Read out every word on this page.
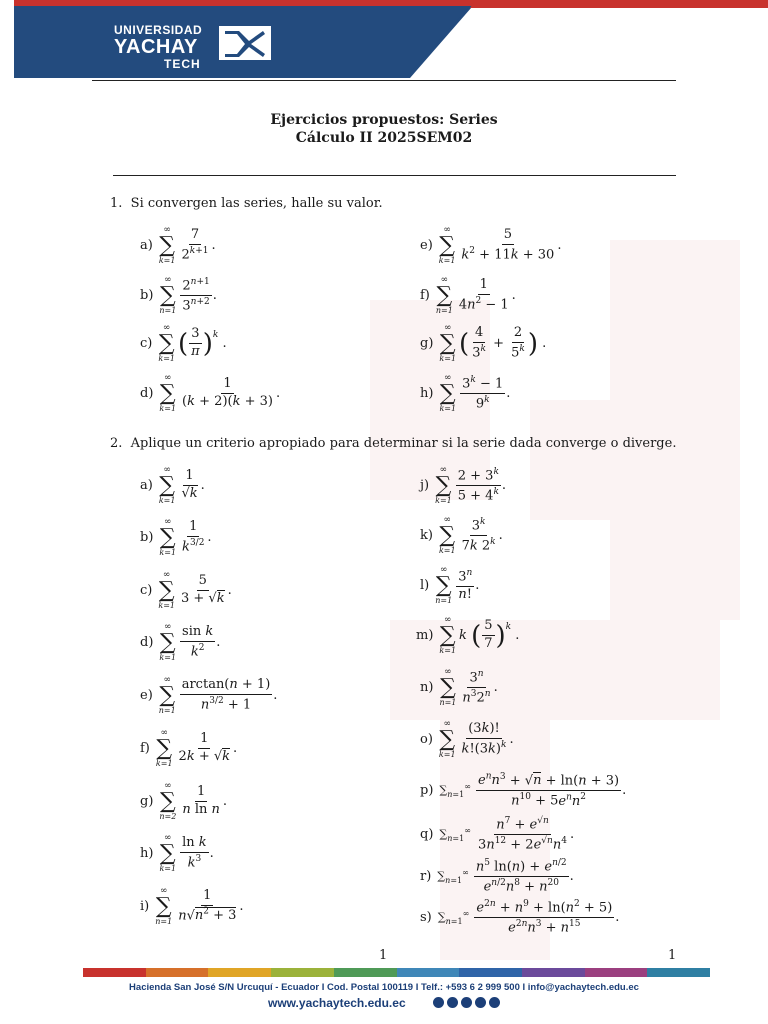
UNIVERSIDAD
YACHAY
TECH
Ejercicios propuestos: Series
Cálculo II 2025SEM02
1. Si convergen las series, halle su valor.
a)
∞
∑
$k=1 \frac{7}{2^{k+1}}$ .
b)
∞
∑
$n=1 \frac{2^{n+1}}{3^{n+2}}$ .
c)
∞
∑
k=1 ( $\frac{3}{\pi} )^k$
.
d)
∞
∑
$k=1 \frac{1}{(k + 2)(k + 3)}$ .
e)
∞
∑
$k=1 \frac{5}{k^2 + 11k + 30}$ .
f)
∞
∑
$n=1 \frac{1}{4n^2 - 1}$ .
g)
∞
∑
k=1 ( $\frac{4}{3^k} + \frac{2}{5^k}$ ) .
h)
∞
∑
$k=1 \frac{3^k - 1}{9^k}$ .
2. Aplique un criterio apropiado para determinar si la serie dada converge o diverge.
a)
∞
∑
$k=1 \frac{1}{√k}$ .
b)
∞
∑
$k=1 \frac{1}{k^{3/2}}$ .
c)
∞
∑
$k=1 \frac{5}{3 + √k}$ .
d)
∞
∑
$k=1 \frac{\text{sin k}}{k^2}$ .
e)
∞
∑
$n=1 \frac{\arctan(n + 1)}{n^{3/2} + 1}$ .
f)
∞
∑
$k=1 \frac{1}{2k + √k}$ .
g)
∞
∑
$n=2 \frac{1}{\text{n ln n}}$ .
h)
∞
∑
$k=1 \frac{\text{ln k}}{k^3}$ .
i)
∞
∑
$n=1 \frac{1}{n√n^2 + 3}$ .
j)
∞
∑
$k=1 \frac{2 + 3^k}{5 + 4^k}$ .
k)
∞
∑
$k=1 \frac{3^k}{7k 2^k}$ .
l)
∞
∑
$n=1 \frac{3^n}{n!}$ .
m)
∞
∑
k=1
k
( $\frac{5}{7} )^k$
.
n)
∞
∑
$n=1 \frac{3^n}{n^32^n}$ .
o)
∞
∑
$k=1 \frac{(3k)!}{k!(3k)^k}$ .
p) $\sum_{n=1}^\infty$
$\frac{e^nn^3 + √n + \ln(n + 3)}{n^{10} + 5e^nn^2}$ .
q) $\sum_{n=1}^\infty$
$\frac{n^7 + e^{√n}}{3n^{12} + 2e^{√n}n^4}$ .
r) $\sum_{n=1}^\infty$
$\frac{n^5 \ln(n) + e^{n/2}}{e^{n/2}n^8 + n^{20}}$ .
s) $\sum_{n=1}^\infty$
$\frac{e^{2n} + n^9 + \ln(n^2 + 5)}{e^{2n}n^3 + n^{15}}$ .
1	1
Hacienda San José S/N Urcuquí - Ecuador I Cod. Postal 100119 I Telf.: +593 6 2 999 500 I info@yachaytech.edu.ec
www.yachaytech.edu.ec
